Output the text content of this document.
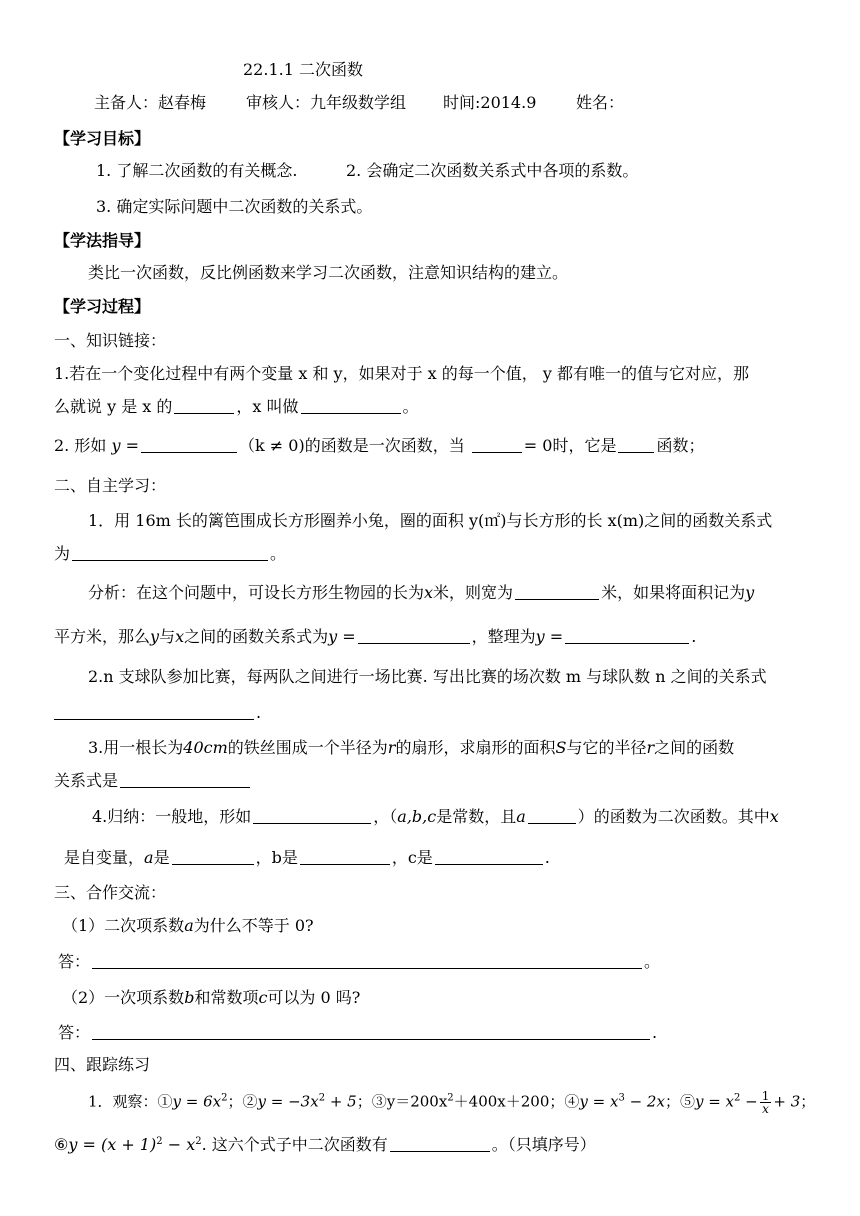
22.1.1 二次函数
主备人：赵春梅 审核人：九年级数学组 时间:2014.9 姓名：
【学习目标】
1. 了解二次函数的有关概念.	2. 会确定二次函数关系式中各项的系数。
3. 确定实际问题中二次函数的关系式。
【学法指导】
类比一次函数，反比例函数来学习二次函数，注意知识结构的建立。
【学习过程】
一、知识链接：
1.若在一个变化过程中有两个变量 x 和 y，如果对于 x 的每一个值， y 都有唯一的值与它对应，那
么就说 y 是 x 的	，x 叫做	。
2. 形如 y =	（k ≠ 0)的函数是一次函数，当	= 0时，它是	函数；
二、自主学习：
1．用 16m 长的篱笆围成长方形圈养小兔，圈的面积 y(㎡)与长方形的长 x(m)之间的函数关系式
为	。
分析：在这个问题中，可设长方形生物园的长为x米，则宽为	米，如果将面积记为y
平方米，那么y与x之间的函数关系式为y =	，整理为y =	.
2.n 支球队参加比赛，每两队之间进行一场比赛. 写出比赛的场次数 m 与球队数 n 之间的关系式
.
3.用一根长为40cm的铁丝围成一个半径为r的扇形，求扇形的面积S与它的半径r之间的函数
关系式是
4.归纳：一般地，形如	，（a,b,c是常数，且a	）的函数为二次函数。其中x
是自变量，a是	，b是	，c是	.
三、合作交流：
（1）二次项系数a为什么不等于 0?
答：	。
（2）一次项系数b和常数项c可以为 0 吗?
答：	.
四、跟踪练习
1．观察：①y = $6x^2$；②y = $-3x^2 + 5$；$③y=200x^2+400x+200$；④y = $x^3 - 2x$；⑤y = $x^2 - \frac{1}{x} + 3$；
⑥y = $(x + 1)^2 - x^2$. 这六个式子中二次函数有	。（只填序号）
